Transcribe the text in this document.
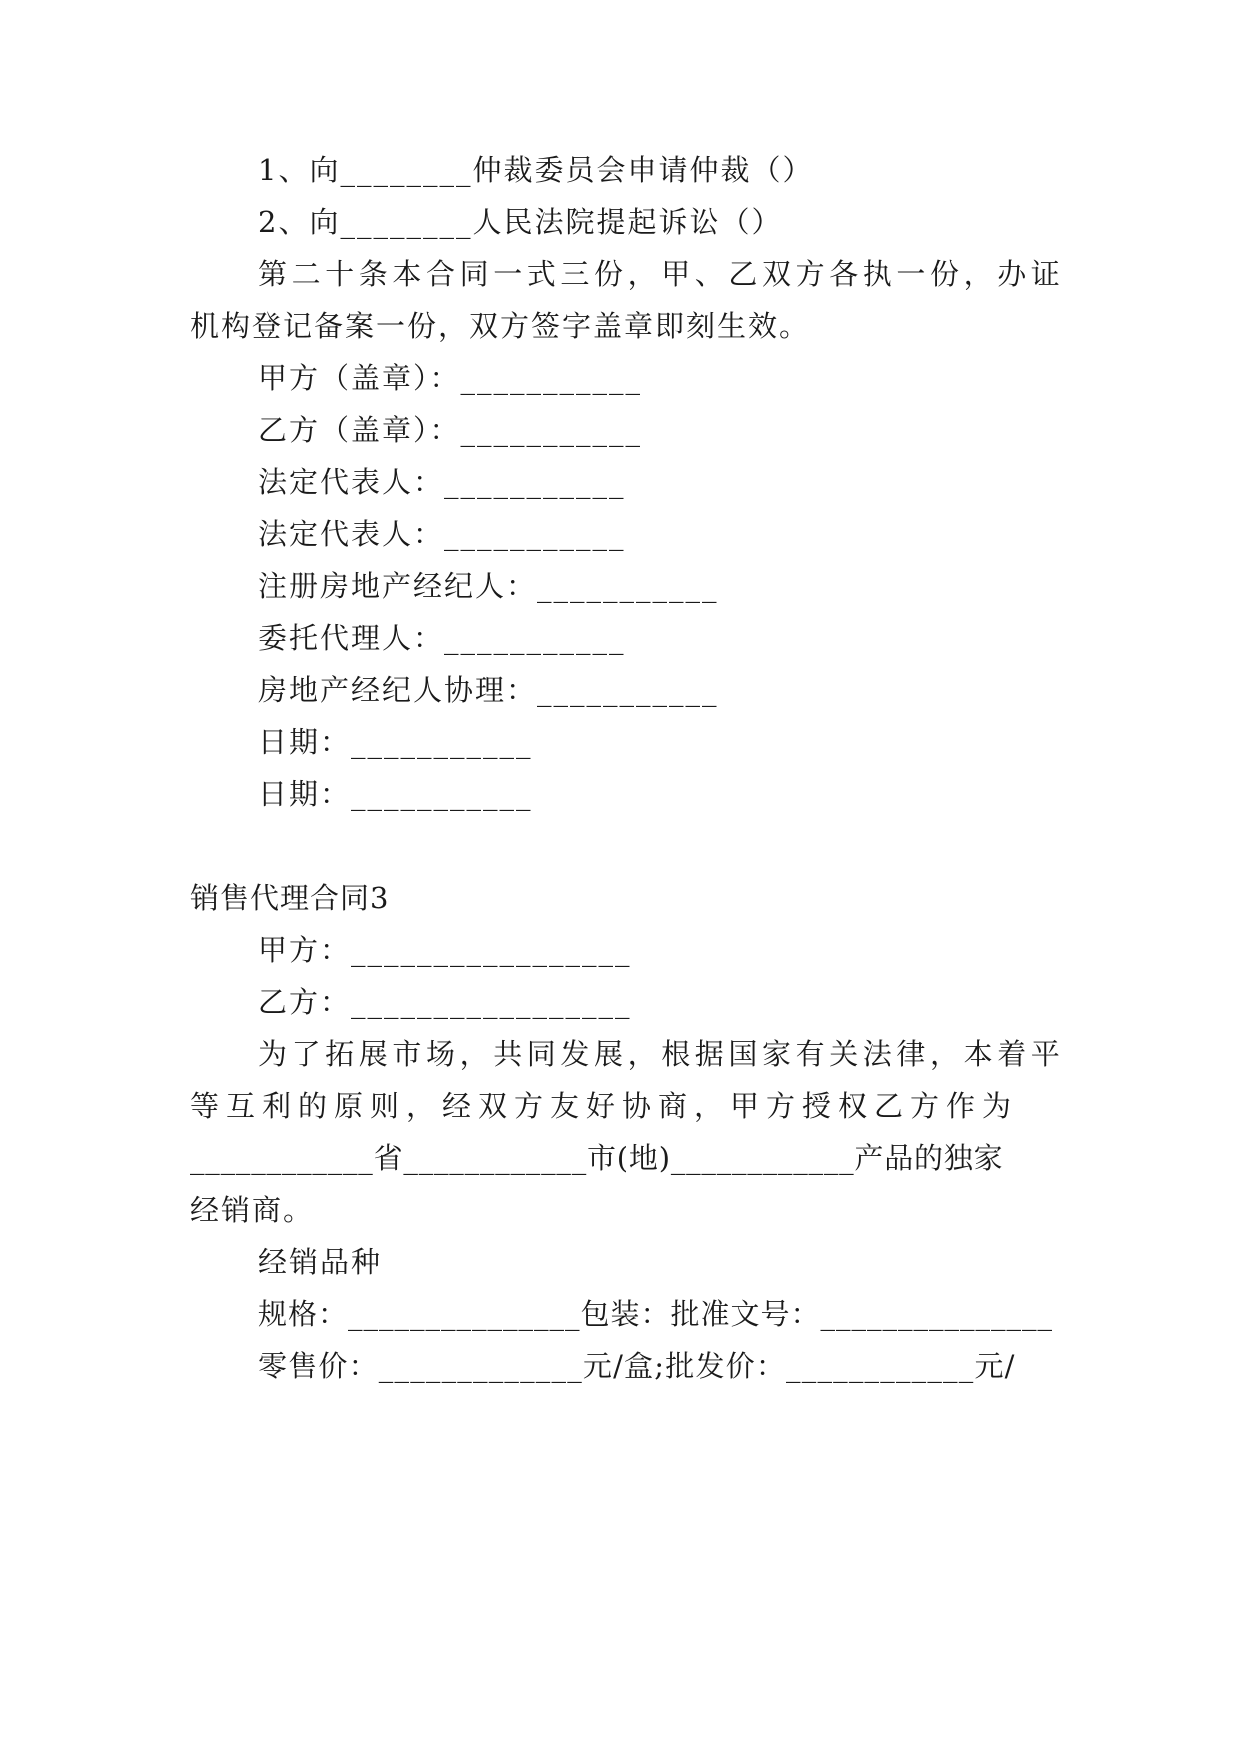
1、向________仲裁委员会申请仲裁（）
2、向________人民法院提起诉讼（）
第二十条本合同一式三份，甲、乙双方各执一份，办证
机构登记备案一份，双方签字盖章即刻生效。
甲方（盖章）：___________
乙方（盖章）：___________
法定代表人：___________
法定代表人：___________
注册房地产经纪人：___________
委托代理人：___________
房地产经纪人协理：___________
日期：___________
日期：___________
销售代理合同3
甲方：_________________
乙方：_________________
为了拓展市场，共同发展，根据国家有关法律，本着平
等互利的原则，经双方友好协商，甲方授权乙方作为
____________省____________市(地)____________产品的独家
经销商。
经销品种
规格：_______________包装：批准文号：_______________
零售价：_____________元/盒;批发价：____________元/
